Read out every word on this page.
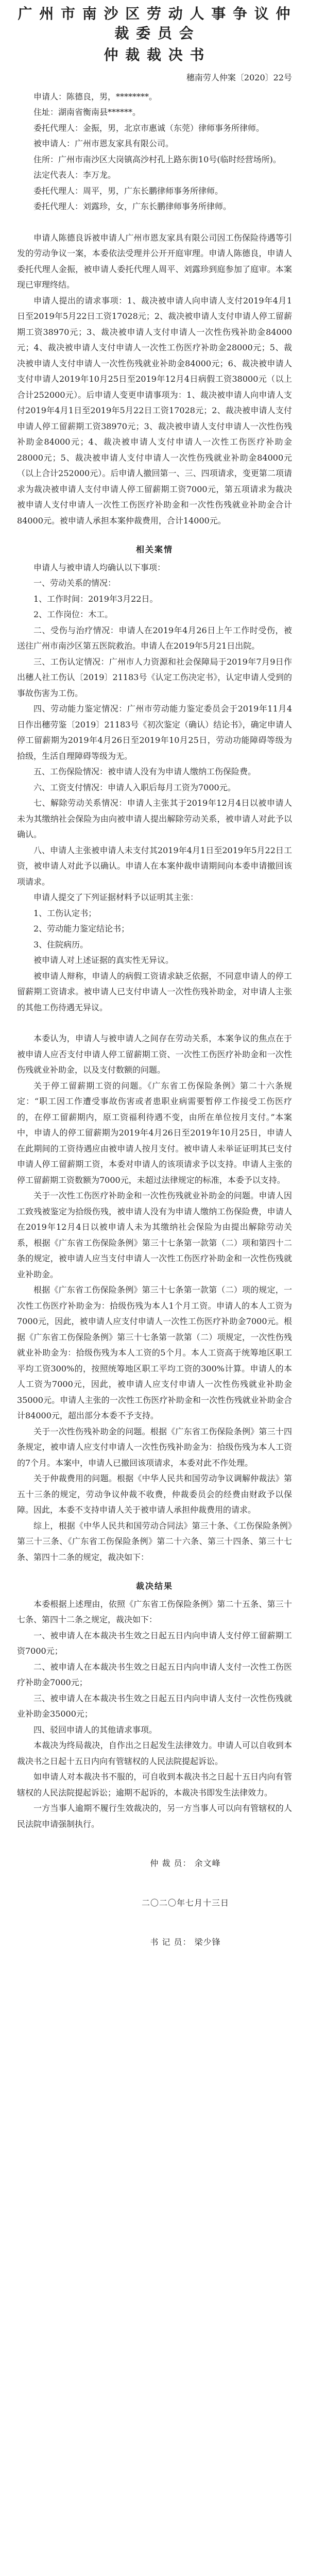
广 州 市 南 沙 区 劳 动 人 事 争 议 仲 裁 委 员 会
仲 裁 裁 决 书

穗南劳人仲案〔2020〕22号

申请人：陈德良，男，********。

住址：湖南省衡南县******。

委托代理人：金振，男，北京市惠诚（东莞）律师事务所律师。

被申请人：广州市恩友家具有限公司。

住所：广州市南沙区大岗镇高沙村孔上路东街10号(临时经营场所)。

法定代表人：李万龙。

委托代理人：周平，男，广东长鹏律师事务所律师。

委托代理人：刘露珍，女，广东长鹏律师事务所律师。

申请人陈德良诉被申请人广州市恩友家具有限公司因工伤保险待遇等引发的劳动争议一案，本委依法受理并公开开庭审理。申请人陈德良，申请人委托代理人金振，被申请人委托代理人周平、刘露珍到庭参加了庭审。本案现已审理终结。

申请人提出的请求事项：1、裁决被申请人向申请人支付2019年4月1日至2019年5月22日工资17028元；2、裁决被申请人支付申请人停工留薪期工资38970元；3、裁决被申请人支付申请人一次性伤残补助金84000元；4、裁决被申请人支付申请人一次性工伤医疗补助金28000元；5、裁决被申请人支付申请人一次性伤残就业补助金84000元；6、裁决被申请人支付申请人2019年10月25日至2019年12月4日病假工资38000元（以上合计252000元）。后申请人变更申请事项为：1、裁决被申请人向申请人支付2019年4月1日至2019年5月22日工资17028元；2、裁决被申请人支付申请人停工留薪期工资38970元；3、裁决被申请人支付申请人一次性伤残补助金84000元；4、裁决被申请人支付申请人一次性工伤医疗补助金28000元；5、裁决被申请人支付申请人一次性伤残就业补助金84000元（以上合计252000元）。后申请人撤回第一、三、四项请求，变更第二项请求为裁决被申请人支付申请人停工留薪期工资7000元，第五项请求为裁决被申请人支付申请人一次性工伤医疗补助金和一次性伤残就业补助金合计84000元。被申请人承担本案仲裁费用，合计14000元。

相关案情

申请人与被申请人均确认以下事项：

一、劳动关系的情况：

1、工作时间：2019年3月22日。

2、工作岗位：木工。

二、受伤与治疗情况：申请人在2019年4月26日上午工作时受伤，被送往广州市南沙区第五医院救治。申请人在2019年5月21日出院。

三、工伤认定情况：广州市人力资源和社会保障局于2019年7月9日作出穗人社工伤认〔2019〕21183号《认定工伤决定书》，认定申请人受到的事故伤害为工伤。

四、劳动能力鉴定情况：广州市劳动能力鉴定委员会于2019年11月4日作出穗劳鉴〔2019〕21183号《初次鉴定（确认）结论书》，确定申请人停工留薪期为2019年4月26日至2019年10月25日，劳动功能障碍等级为拾级，生活自理障碍等级为无。

五、工伤保险情况：被申请人没有为申请人缴纳工伤保险费。

六、工资支付情况：申请人入职后每月工资为7000元。

七、解除劳动关系情况：申请人主张其于2019年12月4日以被申请人未为其缴纳社会保险为由向被申请人提出解除劳动关系，被申请人对此予以确认。

八、申请人主张被申请人未支付其2019年4月1日至2019年5月22日工资，被申请人对此予以确认。申请人在本案仲裁申请期间向本委申请撤回该项请求。

申请人提交了下列证据材料予以证明其主张：

1、工伤认定书；

2、劳动能力鉴定结论书；

3、住院病历。

被申请人对上述证据的真实性无异议。

被申请人辩称，申请人的病假工资请求缺乏依据，不同意申请人的停工留薪期工资请求。被申请人已支付申请人一次性伤残补助金，对申请人主张的其他工伤待遇无异议。

本委认为，申请人与被申请人之间存在劳动关系，本案争议的焦点在于被申请人应否支付申请人停工留薪期工资、一次性工伤医疗补助金和一次性伤残就业补助金，以及支付数额的问题。

关于停工留薪期工资的问题。《广东省工伤保险条例》第二十六条规定：“职工因工作遭受事故伤害或者患职业病需要暂停工作接受工伤医疗的，在停工留薪期内，原工资福利待遇不变，由所在单位按月支付。”本案中，申请人的停工留薪期为2019年4月26日至2019年10月25日，申请人在此期间的工资待遇应由被申请人按月支付。被申请人未举证证明其已支付申请人停工留薪期工资，本委对申请人的该项请求予以支持。申请人主张的停工留薪期工资数额为7000元，未超过法律规定的标准，本委予以支持。

关于一次性工伤医疗补助金和一次性伤残就业补助金的问题。申请人因工致残被鉴定为拾级伤残，被申请人没有为申请人缴纳工伤保险费，申请人在2019年12月4日以被申请人未为其缴纳社会保险为由提出解除劳动关系，根据《广东省工伤保险条例》第三十七条第一款第（二）项和第四十二条的规定，被申请人应当支付申请人一次性工伤医疗补助金和一次性伤残就业补助金。

根据《广东省工伤保险条例》第三十七条第一款第（二）项的规定，一次性工伤医疗补助金为：拾级伤残为本人1个月工资。申请人的本人工资为7000元，因此，被申请人应支付申请人一次性工伤医疗补助金7000元。根据《广东省工伤保险条例》第三十七条第一款第（二）项规定，一次性伤残就业补助金为：拾级伤残为本人工资的5个月。本人工资高于统筹地区职工平均工资300%的，按照统筹地区职工平均工资的300%计算。申请人的本人工资为7000元，因此，被申请人应支付申请人一次性伤残就业补助金35000元。申请人主张的一次性工伤医疗补助金和一次性伤残就业补助金合计84000元，超出部分本委不予支持。

关于一次性伤残补助金的问题。根据《广东省工伤保险条例》第三十四条规定，被申请人应支付申请人一次性伤残补助金为：拾级伤残为本人工资的7个月。本案中，申请人已撤回该项请求，本委对此不作处理。

关于仲裁费用的问题。根据《中华人民共和国劳动争议调解仲裁法》第五十三条的规定，劳动争议仲裁不收费，仲裁委员会的经费由财政予以保障。因此，本委不支持申请人关于被申请人承担仲裁费用的请求。

综上，根据《中华人民共和国劳动合同法》第三十条、《工伤保险条例》第三十三条、《广东省工伤保险条例》第二十六条、第三十四条、第三十七条、第四十二条的规定，裁决如下：

裁决结果

本委根据上述理由，依照《广东省工伤保险条例》第二十五条、第三十七条、第四十二条之规定，裁决如下：

一、被申请人在本裁决书生效之日起五日内向申请人支付停工留薪期工资7000元；

二、被申请人在本裁决书生效之日起五日内向申请人支付一次性工伤医疗补助金7000元；

三、被申请人在本裁决书生效之日起五日内向申请人支付一次性伤残就业补助金35000元；

四、驳回申请人的其他请求事项。

本裁决为终局裁决，自作出之日起发生法律效力。申请人可以自收到本裁决书之日起十五日内向有管辖权的人民法院提起诉讼。

如申请人对本裁决书不服的，可自收到本裁决书之日起十五日内向有管辖权的人民法院提起诉讼；逾期不起诉的，本裁决书即发生法律效力。

一方当事人逾期不履行生效裁决的，另一方当事人可以向有管辖权的人民法院申请强制执行。

仲 裁 员： 余文峰

二〇二〇年七月十三日

书 记 员： 梁少锋
